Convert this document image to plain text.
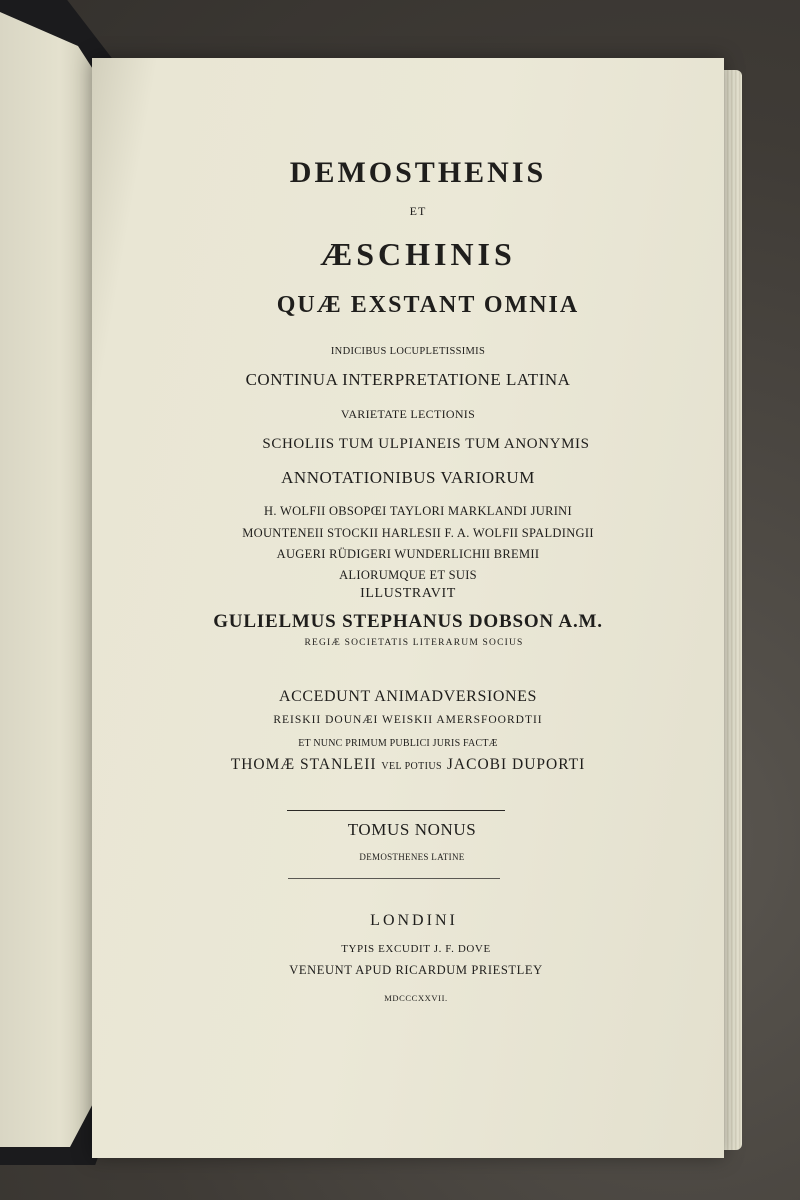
DEMOSTHENIS

ET

ÆSCHINIS

QUÆ EXSTANT OMNIA

INDICIBUS LOCUPLETISSIMIS

CONTINUA INTERPRETATIONE LATINA

VARIETATE LECTIONIS

SCHOLIIS TUM ULPIANEIS TUM ANONYMIS

ANNOTATIONIBUS VARIORUM

H. WOLFII OBSOPŒI TAYLORI MARKLANDI JURINI

MOUNTENEII STOCKII HARLESII F. A. WOLFII SPALDINGII

AUGERI RÜDIGERI WUNDERLICHII BREMII

ALIORUMQUE ET SUIS

ILLUSTRAVIT

GULIELMUS STEPHANUS DOBSON A.M.

REGIÆ SOCIETATIS LITERARUM SOCIUS

ACCEDUNT ANIMADVERSIONES

REISKII DOUNÆI WEISKII AMERSFOORDTII

ET NUNC PRIMUM PUBLICI JURIS FACTÆ

THOMÆ STANLEII VEL POTIUS JACOBI DUPORTI

TOMUS NONUS

DEMOSTHENES LATINE

LONDINI

TYPIS EXCUDIT J. F. DOVE

VENEUNT APUD RICARDUM PRIESTLEY

MDCCCXXVII.
